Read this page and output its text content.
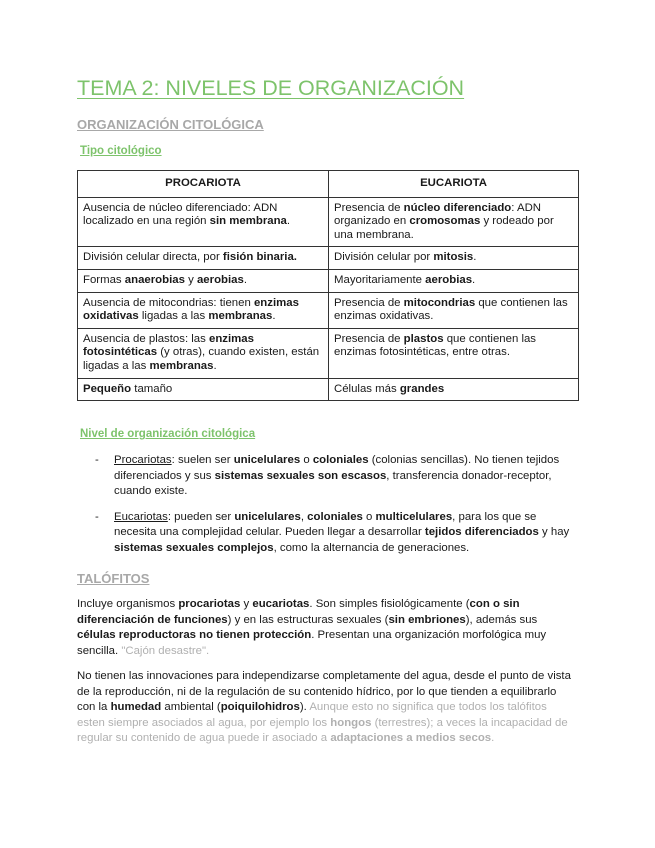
TEMA 2: NIVELES DE ORGANIZACIÓN
ORGANIZACIÓN CITOLÓGICA
Tipo citológico
PROCARIOTA	EUCARIOTA
Ausencia de núcleo diferenciado: ADN localizado en una región sin membrana.	Presencia de núcleo diferenciado: ADN organizado en cromosomas y rodeado por una membrana.
División celular directa, por fisión binaria.	División celular por mitosis.
Formas anaerobias y aerobias.	Mayoritariamente aerobias.
Ausencia de mitocondrias: tienen enzimas oxidativas ligadas a las membranas.	Presencia de mitocondrias que contienen las enzimas oxidativas.
Ausencia de plastos: las enzimas fotosintéticas (y otras), cuando existen, están ligadas a las membranas.	Presencia de plastos que contienen las enzimas fotosintéticas, entre otras.
Pequeño tamaño	Células más grandes
Nivel de organización citológica
- Procariotas: suelen ser unicelulares o coloniales (colonias sencillas). No tienen tejidos diferenciados y sus sistemas sexuales son escasos, transferencia donador-receptor, cuando existe.
- Eucariotas: pueden ser unicelulares, coloniales o multicelulares, para los que se necesita una complejidad celular. Pueden llegar a desarrollar tejidos diferenciados y hay sistemas sexuales complejos, como la alternancia de generaciones.
TALÓFITOS
Incluye organismos procariotas y eucariotas. Son simples fisiológicamente (con o sin diferenciación de funciones) y en las estructuras sexuales (sin embriones), además sus células reproductoras no tienen protección. Presentan una organización morfológica muy sencilla. "Cajón desastre".
No tienen las innovaciones para independizarse completamente del agua, desde el punto de vista de la reproducción, ni de la regulación de su contenido hídrico, por lo que tienden a equilibrarlo con la humedad ambiental (poiquilohidros). Aunque esto no significa que todos los talófitos esten siempre asociados al agua, por ejemplo los hongos (terrestres); a veces la incapacidad de regular su contenido de agua puede ir asociado a adaptaciones a medios secos.
